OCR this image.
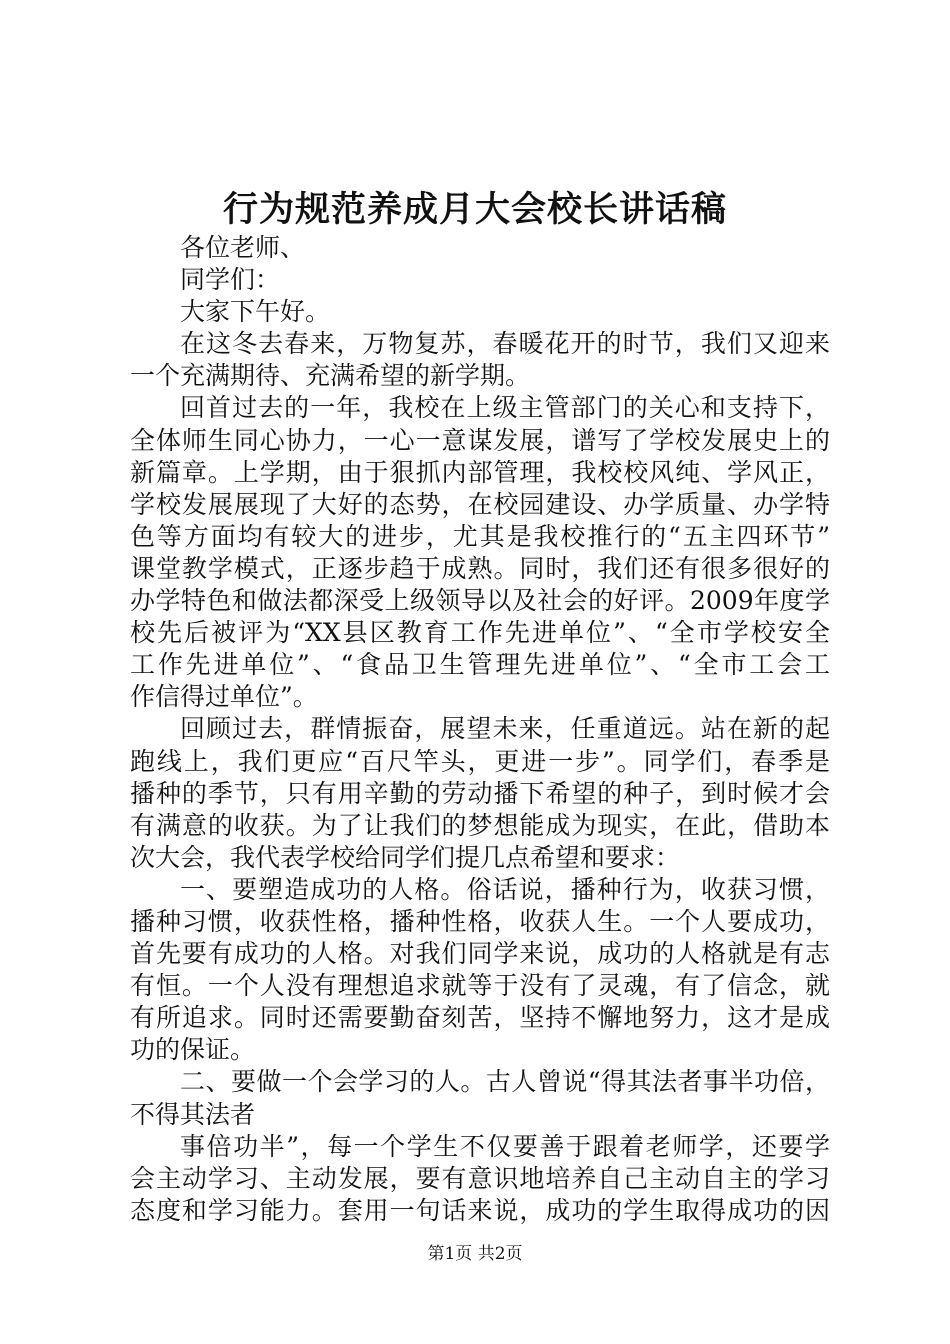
行为规范养成月大会校长讲话稿
各位老师、
同学们：
大家下午好。
在这冬去春来，万物复苏，春暖花开的时节，我们又迎来
一个充满期待、充满希望的新学期。
回首过去的一年，我校在上级主管部门的关心和支持下，
全体师生同心协力，一心一意谋发展，谱写了学校发展史上的
新篇章。上学期，由于狠抓内部管理，我校校风纯、学风正，
学校发展展现了大好的态势，在校园建设、办学质量、办学特
色等方面均有较大的进步，尤其是我校推行的“五主四环节”
课堂教学模式，正逐步趋于成熟。同时，我们还有很多很好的
办学特色和做法都深受上级领导以及社会的好评。2009年度学
校先后被评为“XX县区教育工作先进单位”、“全市学校安全
工作先进单位”、“食品卫生管理先进单位”、“全市工会工
作信得过单位”。
回顾过去，群情振奋，展望未来，任重道远。站在新的起
跑线上，我们更应“百尺竿头，更进一步”。同学们，春季是
播种的季节，只有用辛勤的劳动播下希望的种子，到时候才会
有满意的收获。为了让我们的梦想能成为现实，在此，借助本
次大会，我代表学校给同学们提几点希望和要求：
一、要塑造成功的人格。俗话说，播种行为，收获习惯，
播种习惯，收获性格，播种性格，收获人生。一个人要成功，
首先要有成功的人格。对我们同学来说，成功的人格就是有志
有恒。一个人没有理想追求就等于没有了灵魂，有了信念，就
有所追求。同时还需要勤奋刻苦，坚持不懈地努力，这才是成
功的保证。
二、要做一个会学习的人。古人曾说“得其法者事半功倍，
不得其法者
事倍功半”，每一个学生不仅要善于跟着老师学，还要学
会主动学习、主动发展，要有意识地培养自己主动自主的学习
态度和学习能力。套用一句话来说，成功的学生取得成功的因
第1页 共2页
